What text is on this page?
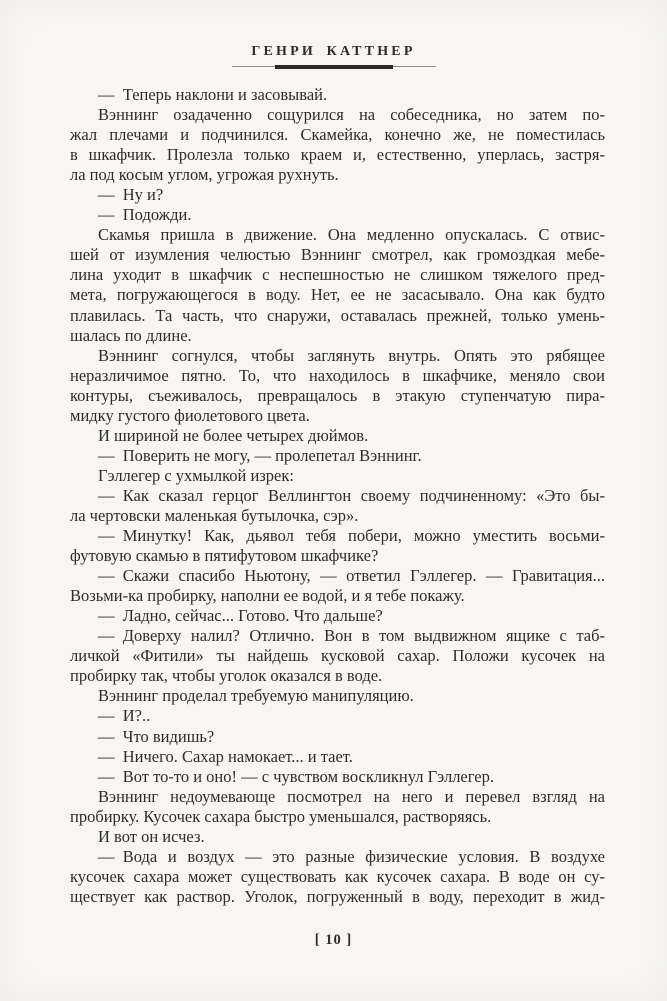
ГЕНРИ КАТТНЕР
— Теперь наклони и засовывай.
Вэннинг озадаченно сощурился на собеседника, но затем по-
жал плечами и подчинился. Скамейка, конечно же, не поместилась
в шкафчик. Пролезла только краем и, естественно, уперлась, застря-
ла под косым углом, угрожая рухнуть.
— Ну и?
— Подожди.
Скамья пришла в движение. Она медленно опускалась. С отвис-
шей от изумления челюстью Вэннинг смотрел, как громоздкая мебе-
лина уходит в шкафчик с неспешностью не слишком тяжелого пред-
мета, погружающегося в воду. Нет, ее не засасывало. Она как будто
плавилась. Та часть, что снаружи, оставалась прежней, только умень-
шалась по длине.
Вэннинг согнулся, чтобы заглянуть внутрь. Опять это рябящее
неразличимое пятно. То, что находилось в шкафчике, меняло свои
контуры, съеживалось, превращалось в этакую ступенчатую пира-
мидку густого фиолетового цвета.
И шириной не более четырех дюймов.
— Поверить не могу, — пролепетал Вэннинг.
Гэллегер с ухмылкой изрек:
— Как сказал герцог Веллингтон своему подчиненному: «Это бы-
ла чертовски маленькая бутылочка, сэр».
— Минутку! Как, дьявол тебя побери, можно уместить восьми-
футовую скамью в пятифутовом шкафчике?
— Скажи спасибо Ньютону, — ответил Гэллегер. — Гравитация...
Возьми-ка пробирку, наполни ее водой, и я тебе покажу.
— Ладно, сейчас... Готово. Что дальше?
— Доверху налил? Отлично. Вон в том выдвижном ящике с таб-
личкой «Фитили» ты найдешь кусковой сахар. Положи кусочек на
пробирку так, чтобы уголок оказался в воде.
Вэннинг проделал требуемую манипуляцию.
— И?..
— Что видишь?
— Ничего. Сахар намокает... и тает.
— Вот то-то и оно! — с чувством воскликнул Гэллегер.
Вэннинг недоумевающе посмотрел на него и перевел взгляд на
пробирку. Кусочек сахара быстро уменьшался, растворяясь.
И вот он исчез.
— Вода и воздух — это разные физические условия. В воздухе
кусочек сахара может существовать как кусочек сахара. В воде он су-
ществует как раствор. Уголок, погруженный в воду, переходит в жид-
[ 10 ]
